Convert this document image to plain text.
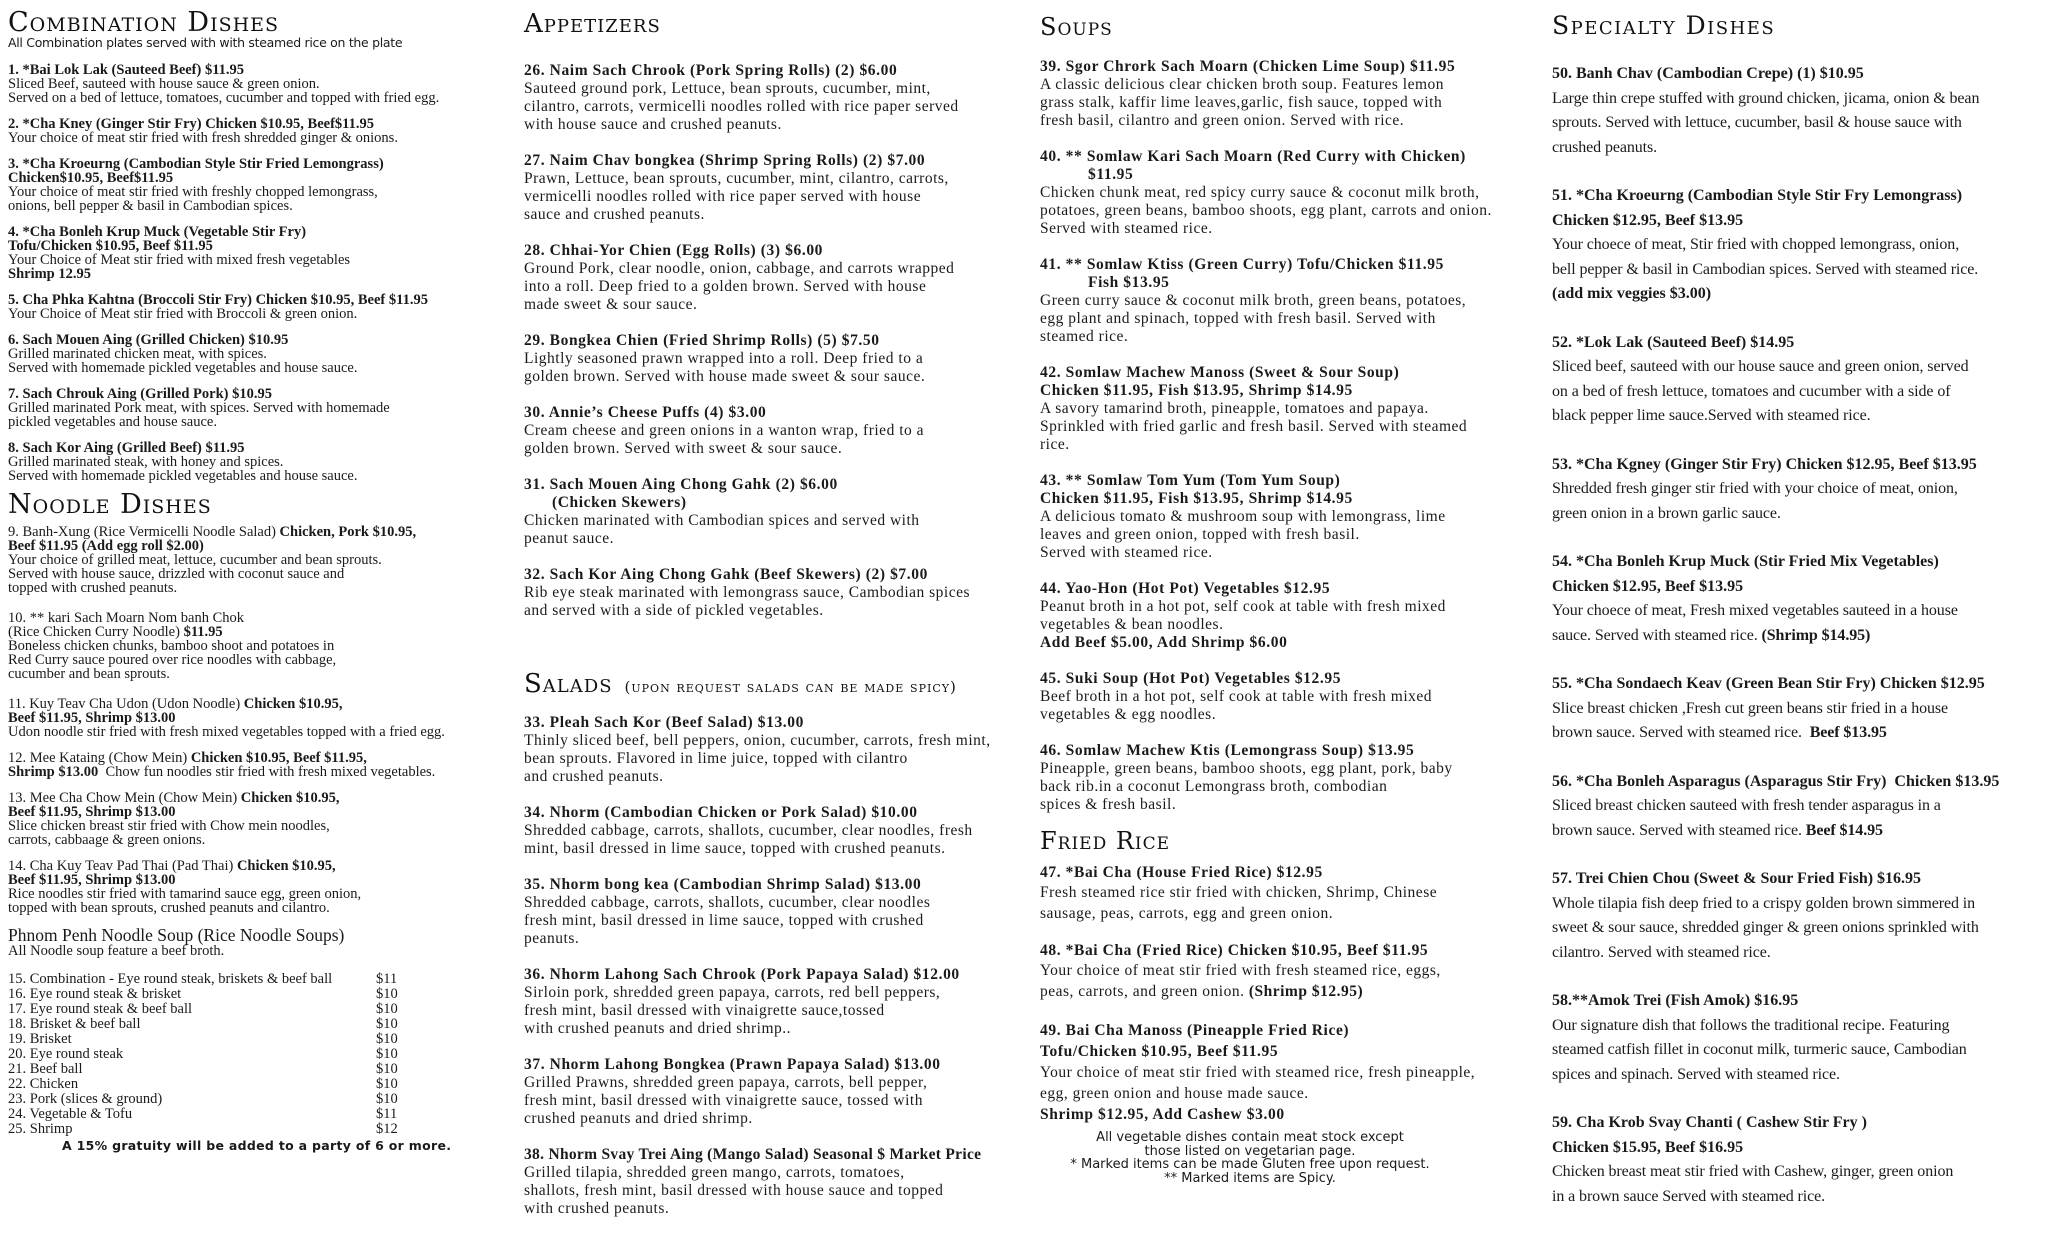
Combination Dishes
All Combination plates served with with steamed rice on the plate
1. *Bai Lok Lak (Sauteed Beef) $11.95
Sliced Beef, sauteed with house sauce & green onion.
Served on a bed of lettuce, tomatoes, cucumber and topped with fried egg.
2. *Cha Kney (Ginger Stir Fry) Chicken $10.95, Beef$11.95
Your choice of meat stir fried with fresh shredded ginger & onions.
3. *Cha Kroeurng (Cambodian Style Stir Fried Lemongrass)
Chicken$10.95, Beef$11.95
Your choice of meat stir fried with freshly chopped lemongrass,
onions, bell pepper & basil in Cambodian spices.
4. *Cha Bonleh Krup Muck (Vegetable Stir Fry)
Tofu/Chicken $10.95, Beef $11.95
Your Choice of Meat stir fried with mixed fresh vegetables
Shrimp 12.95
5. Cha Phka Kahtna (Broccoli Stir Fry) Chicken $10.95, Beef $11.95
Your Choice of Meat stir fried with Broccoli & green onion.
6. Sach Mouen Aing (Grilled Chicken) $10.95
Grilled marinated chicken meat, with spices.
Served with homemade pickled vegetables and house sauce.
7. Sach Chrouk Aing (Grilled Pork) $10.95
Grilled marinated Pork meat, with spices. Served with homemade
pickled vegetables and house sauce.
8. Sach Kor Aing (Grilled Beef) $11.95
Grilled marinated steak, with honey and spices.
Served with homemade pickled vegetables and house sauce.
Noodle Dishes
9. Banh-Xung (Rice Vermicelli Noodle Salad) Chicken, Pork $10.95,
Beef $11.95 (Add egg roll $2.00)
Your choice of grilled meat, lettuce, cucumber and bean sprouts.
Served with house sauce, drizzled with coconut sauce and
topped with crushed peanuts.
10. ** kari Sach Moarn Nom banh Chok
(Rice Chicken Curry Noodle) $11.95
Boneless chicken chunks, bamboo shoot and potatoes in
Red Curry sauce poured over rice noodles with cabbage,
cucumber and bean sprouts.
11. Kuy Teav Cha Udon (Udon Noodle) Chicken $10.95,
Beef $11.95, Shrimp $13.00
Udon noodle stir fried with fresh mixed vegetables topped with a fried egg.
12. Mee Kataing (Chow Mein) Chicken $10.95, Beef $11.95,
Shrimp $13.00  Chow fun noodles stir fried with fresh mixed vegetables.
13. Mee Cha Chow Mein (Chow Mein) Chicken $10.95,
Beef $11.95, Shrimp $13.00
Slice chicken breast stir fried with Chow mein noodles,
carrots, cabbaage & green onions.
14. Cha Kuy Teav Pad Thai (Pad Thai) Chicken $10.95,
Beef $11.95, Shrimp $13.00
Rice noodles stir fried with tamarind sauce egg, green onion,
topped with bean sprouts, crushed peanuts and cilantro.
Phnom Penh Noodle Soup (Rice Noodle Soups)
All Noodle soup feature a beef broth.
15. Combination - Eye round steak, briskets & beef ball	$11
16. Eye round steak & brisket	$10
17. Eye round steak & beef ball	$10
18. Brisket & beef ball	$10
19. Brisket	$10
20. Eye round steak	$10
21. Beef ball	$10
22. Chicken	$10
23. Pork (slices & ground)	$10
24. Vegetable & Tofu	$11
25. Shrimp	$12
A 15% gratuity will be added to a party of 6 or more.
Appetizers
26. Naim Sach Chrook (Pork Spring Rolls) (2) $6.00
Sauteed ground pork, Lettuce, bean sprouts, cucumber, mint,
cilantro, carrots, vermicelli noodles rolled with rice paper served
with house sauce and crushed peanuts.
27. Naim Chav bongkea (Shrimp Spring Rolls) (2) $7.00
Prawn, Lettuce, bean sprouts, cucumber, mint, cilantro, carrots,
vermicelli noodles rolled with rice paper served with house
sauce and crushed peanuts.
28. Chhai-Yor Chien (Egg Rolls) (3) $6.00
Ground Pork, clear noodle, onion, cabbage, and carrots wrapped
into a roll. Deep fried to a golden brown. Served with house
made sweet & sour sauce.
29. Bongkea Chien (Fried Shrimp Rolls) (5) $7.50
Lightly seasoned prawn wrapped into a roll. Deep fried to a
golden brown. Served with house made sweet & sour sauce.
30. Annie’s Cheese Puffs (4) $3.00
Cream cheese and green onions in a wanton wrap, fried to a
golden brown. Served with sweet & sour sauce.
31. Sach Mouen Aing Chong Gahk (2) $6.00
(Chicken Skewers)
Chicken marinated with Cambodian spices and served with
peanut sauce.
32. Sach Kor Aing Chong Gahk (Beef Skewers) (2) $7.00
Rib eye steak marinated with lemongrass sauce, Cambodian spices
and served with a side of pickled vegetables.
Salads (upon request salads can be made spicy)
33. Pleah Sach Kor (Beef Salad) $13.00
Thinly sliced beef, bell peppers, onion, cucumber, carrots, fresh mint,
bean sprouts. Flavored in lime juice, topped with cilantro
and crushed peanuts.
34. Nhorm (Cambodian Chicken or Pork Salad) $10.00
Shredded cabbage, carrots, shallots, cucumber, clear noodles, fresh
mint, basil dressed in lime sauce, topped with crushed peanuts.
35. Nhorm bong kea (Cambodian Shrimp Salad) $13.00
Shredded cabbage, carrots, shallots, cucumber, clear noodles
fresh mint, basil dressed in lime sauce, topped with crushed
peanuts.
36. Nhorm Lahong Sach Chrook (Pork Papaya Salad) $12.00
Sirloin pork, shredded green papaya, carrots, red bell peppers,
fresh mint, basil dressed with vinaigrette sauce,tossed
with crushed peanuts and dried shrimp..
37. Nhorm Lahong Bongkea (Prawn Papaya Salad) $13.00
Grilled Prawns, shredded green papaya, carrots, bell pepper,
fresh mint, basil dressed with vinaigrette sauce, tossed with
crushed peanuts and dried shrimp.
38. Nhorm Svay Trei Aing (Mango Salad) Seasonal $ Market Price
Grilled tilapia, shredded green mango, carrots, tomatoes,
shallots, fresh mint, basil dressed with house sauce and topped
with crushed peanuts.
Soups
39. Sgor Chrork Sach Moarn (Chicken Lime Soup) $11.95
A classic delicious clear chicken broth soup. Features lemon
grass stalk, kaffir lime leaves,garlic, fish sauce, topped with
fresh basil, cilantro and green onion. Served with rice.
40. ** Somlaw Kari Sach Moarn (Red Curry with Chicken)
$11.95
Chicken chunk meat, red spicy curry sauce & coconut milk broth,
potatoes, green beans, bamboo shoots, egg plant, carrots and onion.
Served with steamed rice.
41. ** Somlaw Ktiss (Green Curry) Tofu/Chicken $11.95
Fish $13.95
Green curry sauce & coconut milk broth, green beans, potatoes,
egg plant and spinach, topped with fresh basil. Served with
steamed rice.
42. Somlaw Machew Manoss (Sweet & Sour Soup)
Chicken $11.95, Fish $13.95, Shrimp $14.95
A savory tamarind broth, pineapple, tomatoes and papaya.
Sprinkled with fried garlic and fresh basil. Served with steamed
rice.
43. ** Somlaw Tom Yum (Tom Yum Soup)
Chicken $11.95, Fish $13.95, Shrimp $14.95
A delicious tomato & mushroom soup with lemongrass, lime
leaves and green onion, topped with fresh basil.
Served with steamed rice.
44. Yao-Hon (Hot Pot) Vegetables $12.95
Peanut broth in a hot pot, self cook at table with fresh mixed
vegetables & bean noodles.
Add Beef $5.00, Add Shrimp $6.00
45. Suki Soup (Hot Pot) Vegetables $12.95
Beef broth in a hot pot, self cook at table with fresh mixed
vegetables & egg noodles.
46. Somlaw Machew Ktis (Lemongrass Soup) $13.95
Pineapple, green beans, bamboo shoots, egg plant, pork, baby
back rib.in a coconut Lemongrass broth, combodian
spices & fresh basil.
Fried Rice
47. *Bai Cha (House Fried Rice) $12.95
Fresh steamed rice stir fried with chicken, Shrimp, Chinese
sausage, peas, carrots, egg and green onion.
48. *Bai Cha (Fried Rice) Chicken $10.95, Beef $11.95
Your choice of meat stir fried with fresh steamed rice, eggs,
peas, carrots, and green onion. (Shrimp $12.95)
49. Bai Cha Manoss (Pineapple Fried Rice)
Tofu/Chicken $10.95, Beef $11.95
Your choice of meat stir fried with steamed rice, fresh pineapple,
egg, green onion and house made sauce.
Shrimp $12.95, Add Cashew $3.00
All vegetable dishes contain meat stock except
those listed on vegetarian page.
* Marked items can be made Gluten free upon request.
** Marked items are Spicy.
Specialty Dishes
50. Banh Chav (Cambodian Crepe) (1) $10.95
Large thin crepe stuffed with ground chicken, jicama, onion & bean
sprouts. Served with lettuce, cucumber, basil & house sauce with
crushed peanuts.
51. *Cha Kroeurng (Cambodian Style Stir Fry Lemongrass)
Chicken $12.95, Beef $13.95
Your choece of meat, Stir fried with chopped lemongrass, onion,
bell pepper & basil in Cambodian spices. Served with steamed rice.
(add mix veggies $3.00)
52. *Lok Lak (Sauteed Beef) $14.95
Sliced beef, sauteed with our house sauce and green onion, served
on a bed of fresh lettuce, tomatoes and cucumber with a side of
black pepper lime sauce.Served with steamed rice.
53. *Cha Kgney (Ginger Stir Fry) Chicken $12.95, Beef $13.95
Shredded fresh ginger stir fried with your choice of meat, onion,
green onion in a brown garlic sauce.
54. *Cha Bonleh Krup Muck (Stir Fried Mix Vegetables)
Chicken $12.95, Beef $13.95
Your choece of meat, Fresh mixed vegetables sauteed in a house
sauce. Served with steamed rice. (Shrimp $14.95)
55. *Cha Sondaech Keav (Green Bean Stir Fry) Chicken $12.95
Slice breast chicken ,Fresh cut green beans stir fried in a house
brown sauce. Served with steamed rice.  Beef $13.95
56. *Cha Bonleh Asparagus (Asparagus Stir Fry)  Chicken $13.95
Sliced breast chicken sauteed with fresh tender asparagus in a
brown sauce. Served with steamed rice. Beef $14.95
57. Trei Chien Chou (Sweet & Sour Fried Fish) $16.95
Whole tilapia fish deep fried to a crispy golden brown simmered in
sweet & sour sauce, shredded ginger & green onions sprinkled with
cilantro. Served with steamed rice.
58.**Amok Trei (Fish Amok) $16.95
Our signature dish that follows the traditional recipe. Featuring
steamed catfish fillet in coconut milk, turmeric sauce, Cambodian
spices and spinach. Served with steamed rice.
59. Cha Krob Svay Chanti ( Cashew Stir Fry )
Chicken $15.95, Beef $16.95
Chicken breast meat stir fried with Cashew, ginger, green onion
in a brown sauce Served with steamed rice.
